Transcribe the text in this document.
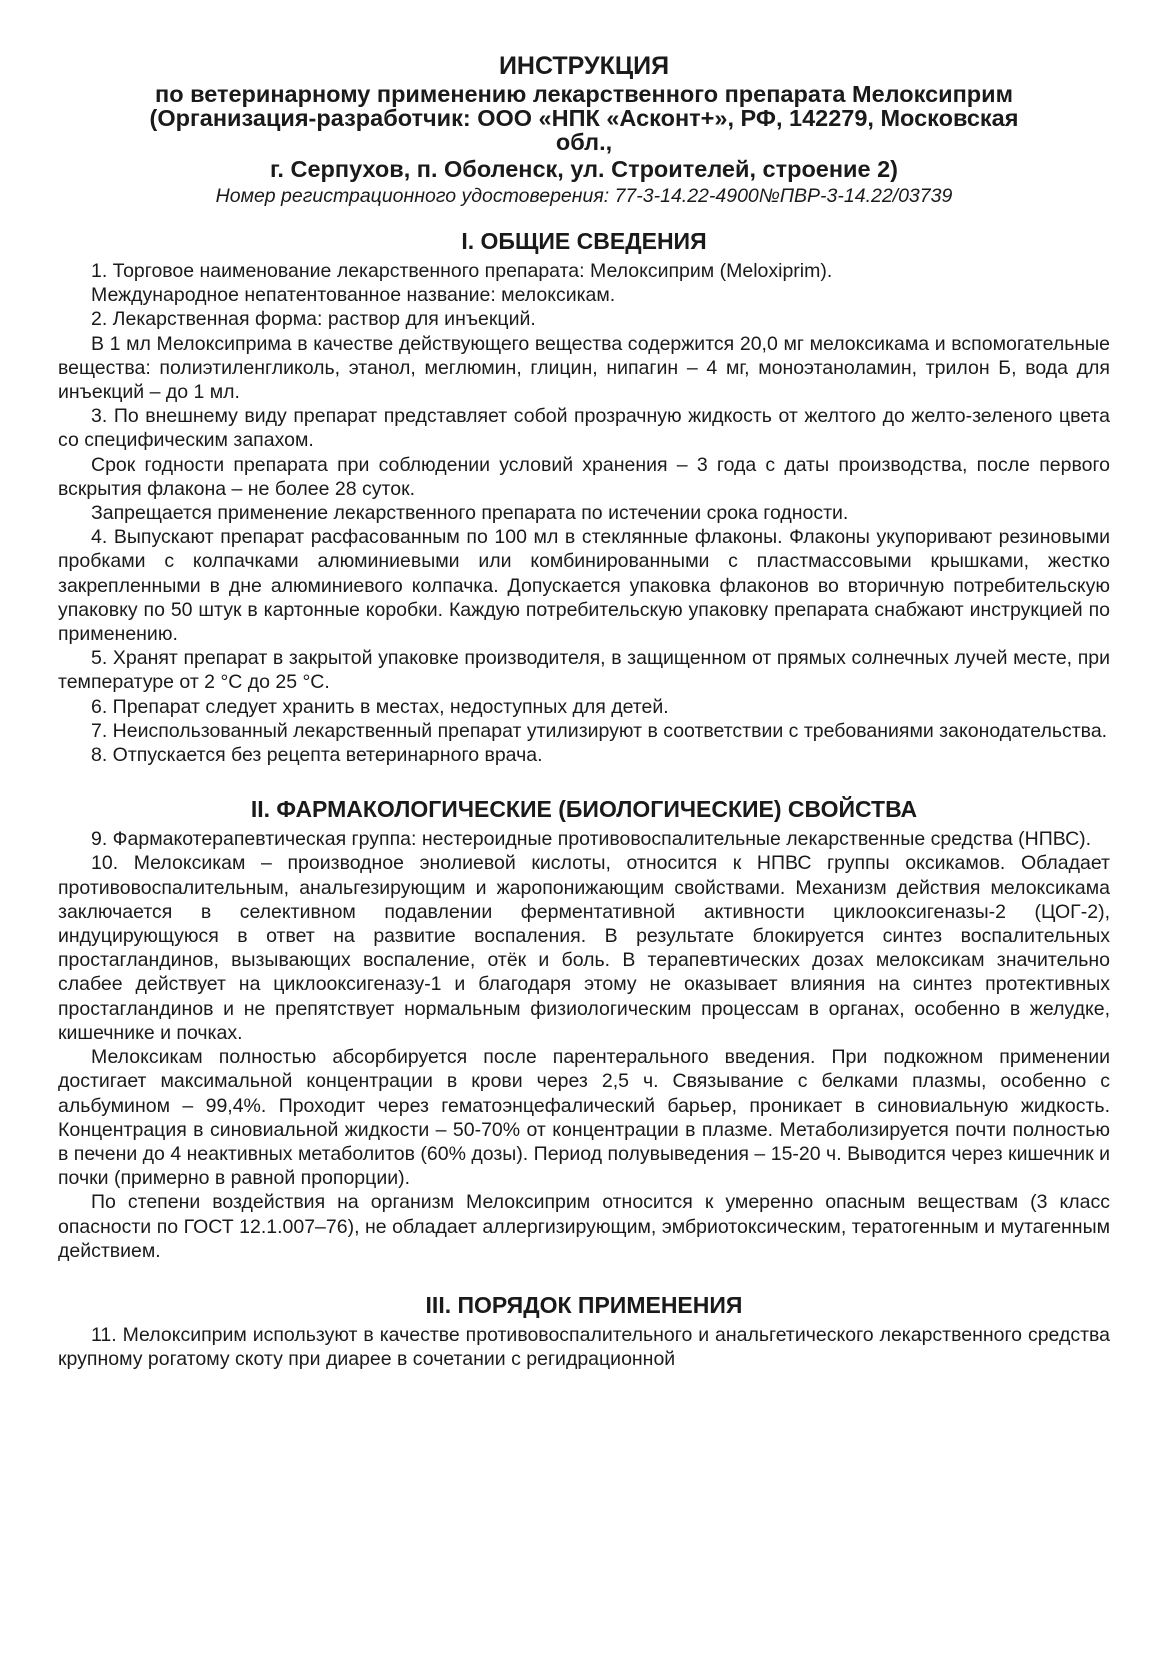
ИНСТРУКЦИЯ
по ветеринарному применению лекарственного препарата Мелоксиприм
(Организация-разработчик: ООО «НПК «Асконт+», РФ, 142279, Московская
обл.,
г. Серпухов, п. Оболенск, ул. Строителей, строение 2)
Номер регистрационного удостоверения: 77-3-14.22-4900№ПВР-3-14.22/03739
I. ОБЩИЕ СВЕДЕНИЯ

1. Торговое наименование лекарственного препарата: Мелоксиприм (Meloxiprim).

Международное непатентованное название: мелоксикам.

2. Лекарственная форма: раствор для инъекций.

В 1 мл Мелоксиприма в качестве действующего вещества содержится 20,0 мг мелоксикама и вспомогательные вещества: полиэтиленгликоль, этанол, меглюмин, глицин, нипагин – 4 мг, моноэтаноламин, трилон Б, вода для инъекций – до 1 мл.

3. По внешнему виду препарат представляет собой прозрачную жидкость от желтого до желто-зеленого цвета со специфическим запахом.

Срок годности препарата при соблюдении условий хранения – 3 года с даты производства, после первого вскрытия флакона – не более 28 суток.

Запрещается применение лекарственного препарата по истечении срока годности.

4. Выпускают препарат расфасованным по 100 мл в стеклянные флаконы. Флаконы укупоривают резиновыми пробками с колпачками алюминиевыми или комбинированными с пластмассовыми крышками, жестко закрепленными в дне алюминиевого колпачка. Допускается упаковка флаконов во вторичную потребительскую упаковку по 50 штук в картонные коробки. Каждую потребительскую упаковку препарата снабжают инструкцией по применению.

5. Хранят препарат в закрытой упаковке производителя, в защищенном от прямых солнечных лучей месте, при температуре от 2 °С до 25 °С.

6. Препарат следует хранить в местах, недоступных для детей.

7. Неиспользованный лекарственный препарат утилизируют в соответствии с требованиями законодательства.

8. Отпускается без рецепта ветеринарного врача.

II. ФАРМАКОЛОГИЧЕСКИЕ (БИОЛОГИЧЕСКИЕ) СВОЙСТВА

9. Фармакотерапевтическая группа: нестероидные противовоспалительные лекарственные средства (НПВС).

10. Мелоксикам – производное энолиевой кислоты, относится к НПВС группы оксикамов. Обладает противовоспалительным, анальгезирующим и жаропонижающим свойствами. Механизм действия мелоксикама заключается в селективном подавлении ферментативной активности циклооксигеназы-2 (ЦОГ-2), индуцирующуюся в ответ на развитие воспаления. В результате блокируется синтез воспалительных простагландинов, вызывающих воспаление, отёк и боль. В терапевтических дозах мелоксикам значительно слабее действует на циклооксигеназу-1 и благодаря этому не оказывает влияния на синтез протективных простагландинов и не препятствует нормальным физиологическим процессам в органах, особенно в желудке, кишечнике и почках.

Мелоксикам полностью абсорбируется после парентерального введения. При подкожном применении достигает максимальной концентрации в крови через 2,5 ч. Связывание с белками плазмы, особенно с альбумином – 99,4%. Проходит через гематоэнцефалический барьер, проникает в синовиальную жидкость. Концентрация в синовиальной жидкости – 50-70% от концентрации в плазме. Метаболизируется почти полностью в печени до 4 неактивных метаболитов (60% дозы). Период полувыведения – 15-20 ч. Выводится через кишечник и почки (примерно в равной пропорции).

По степени воздействия на организм Мелоксиприм относится к умеренно опасным веществам (3 класс опасности по ГОСТ 12.1.007–76), не обладает аллергизирующим, эмбриотоксическим, тератогенным и мутагенным действием.

III. ПОРЯДОК ПРИМЕНЕНИЯ

11. Мелоксиприм используют в качестве противовоспалительного и анальгетического лекарственного средства крупному рогатому скоту при диарее в сочетании с регидрационной
